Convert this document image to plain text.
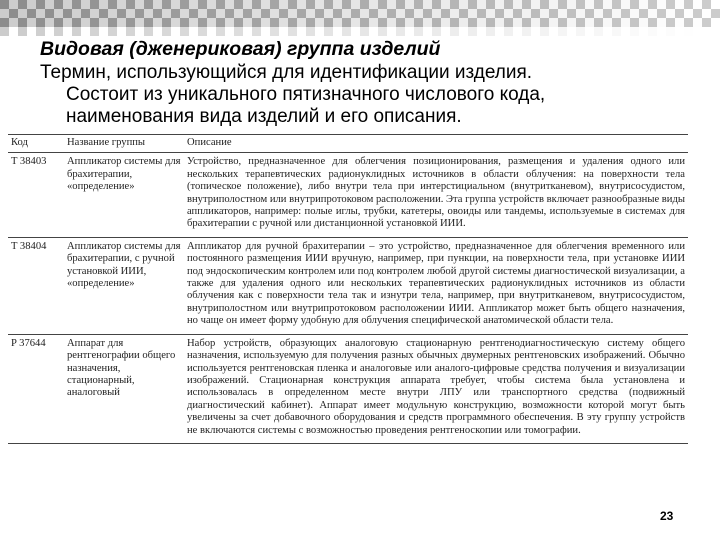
Видовая (дженериковая) группа изделий
Термин, использующийся для идентификации изделия.
Состоит из уникального пятизначного числового кода,
наименования вида изделий и его описания.
Код	Название группы	Описание
T 38403	Аппликатор системы для брахитерапии, «определение»	Устройство, предназначенное для облегчения позиционирования, размещения и удаления одного или нескольких терапевтических радионуклидных источников в области облучения: на поверхности тела (топическое положение), либо внутри тела при интерстициальном (внутритканевом), внутрисосудистом, внутриполостном или внутрипротоковом расположении. Эта группа устройств включает разнообразные виды аппликаторов, например: полые иглы, трубки, катетеры, овоиды или тандемы, используемые в системах для брахитерапии с ручной или дистанционной установкой ИИИ.
T 38404	Аппликатор системы для брахитерапии, с ручной установкой ИИИ, «определение»	Аппликатор для ручной брахитерапии – это устройство, предназначенное для облегчения временного или постоянного размещения ИИИ вручную, например, при пункции, на поверхности тела, при установке ИИИ под эндоскопическим контролем или под контролем любой другой системы диагностической визуализации, а также для удаления одного или нескольких терапевтических радионуклидных источников из области облучения как с поверхности тела так и изнутри тела, например, при внутритканевом, внутрисосудистом, внутриполостном или внутрипротоковом расположении ИИИ. Аппликатор может быть общего назначения, но чаще он имеет форму удобную для облучения специфической анатомической области тела.
P 37644	Аппарат для рентгенографии общего назначения, стационарный, аналоговый	Набор устройств, образующих аналоговую стационарную рентгенодиагностическую систему общего назначения, используемую для получения разных обычных двумерных рентгеновских изображений. Обычно используется рентгеновская пленка и аналоговые или аналого-цифровые средства получения и визуализации изображений. Стационарная конструкция аппарата требует, чтобы система была установлена и использовалась в определенном месте внутри ЛПУ или транспортного средства (подвижный диагностический кабинет). Аппарат имеет модульную конструкцию, возможности которой могут быть увеличены за счет добавочного оборудования и средств программного обеспечения. В эту группу устройств не включаются системы с возможностью проведения рентгеноскопии или томографии.
23
